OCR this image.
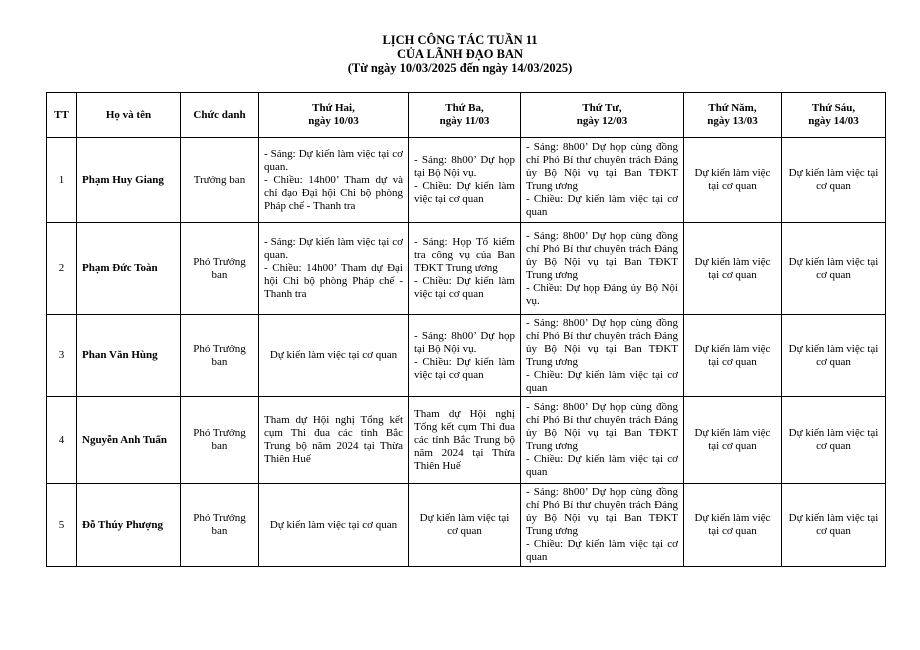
LỊCH CÔNG TÁC TUẦN 11
CỦA LÃNH ĐẠO BAN
(Từ ngày 10/03/2025 đến ngày 14/03/2025)
TT	Họ và tên	Chức danh	Thứ Hai,
ngày 10/03	Thứ Ba,
ngày 11/03	Thứ Tư,
ngày 12/03	Thứ Năm,
ngày 13/03	Thứ Sáu,
ngày 14/03

1	Phạm Huy Giang	Trưởng ban	- Sáng: Dự kiến làm việc tại cơ quan.
- Chiều: 14h00’ Tham dự và chỉ đạo Đại hội Chi bộ phòng Pháp chế - Thanh tra	- Sáng: 8h00’ Dự họp tại Bộ Nội vụ.
- Chiều: Dự kiến làm việc tại cơ quan	- Sáng: 8h00’ Dự họp cùng đồng chí Phó Bí thư chuyên trách Đảng ủy Bộ Nội vụ tại Ban TĐKT Trung ương
- Chiều: Dự kiến làm việc tại cơ quan	Dự kiến làm việc tại cơ quan	Dự kiến làm việc tại cơ quan
2	Phạm Đức Toàn	Phó Trưởng ban	- Sáng: Dự kiến làm việc tại cơ quan.
- Chiều: 14h00’ Tham dự Đại hội Chi bộ phòng Pháp chế - Thanh tra	- Sáng: Họp Tổ kiểm tra công vụ của Ban TĐKT Trung ương
- Chiều: Dự kiến làm việc tại cơ quan	- Sáng: 8h00’ Dự họp cùng đồng chí Phó Bí thư chuyên trách Đảng ủy Bộ Nội vụ tại Ban TĐKT Trung ương
- Chiều: Dự họp Đảng ủy Bộ Nội vụ.	Dự kiến làm việc tại cơ quan	Dự kiến làm việc tại cơ quan
3	Phan Văn Hùng	Phó Trưởng ban	Dự kiến làm việc tại cơ quan	- Sáng: 8h00’ Dự họp tại Bộ Nội vụ.
- Chiều: Dự kiến làm việc tại cơ quan	- Sáng: 8h00’ Dự họp cùng đồng chí Phó Bí thư chuyên trách Đảng ủy Bộ Nội vụ tại Ban TĐKT Trung ương
- Chiều: Dự kiến làm việc tại cơ quan	Dự kiến làm việc tại cơ quan	Dự kiến làm việc tại cơ quan
4	Nguyễn Anh Tuấn	Phó Trưởng ban	Tham dự Hội nghị Tổng kết cụm Thi đua các tỉnh Bắc Trung bộ năm 2024 tại Thừa Thiên Huế	Tham dự Hội nghị Tổng kết cụm Thi đua các tỉnh Bắc Trung bộ năm 2024 tại Thừa Thiên Huế	- Sáng: 8h00’ Dự họp cùng đồng chí Phó Bí thư chuyên trách Đảng ủy Bộ Nội vụ tại Ban TĐKT Trung ương
- Chiều: Dự kiến làm việc tại cơ quan	Dự kiến làm việc tại cơ quan	Dự kiến làm việc tại cơ quan
5	Đỗ Thúy Phượng	Phó Trưởng ban	Dự kiến làm việc tại cơ quan	Dự kiến làm việc tại cơ quan	- Sáng: 8h00’ Dự họp cùng đồng chí Phó Bí thư chuyên trách Đảng ủy Bộ Nội vụ tại Ban TĐKT Trung ương
- Chiều: Dự kiến làm việc tại cơ quan	Dự kiến làm việc tại cơ quan	Dự kiến làm việc tại cơ quan
